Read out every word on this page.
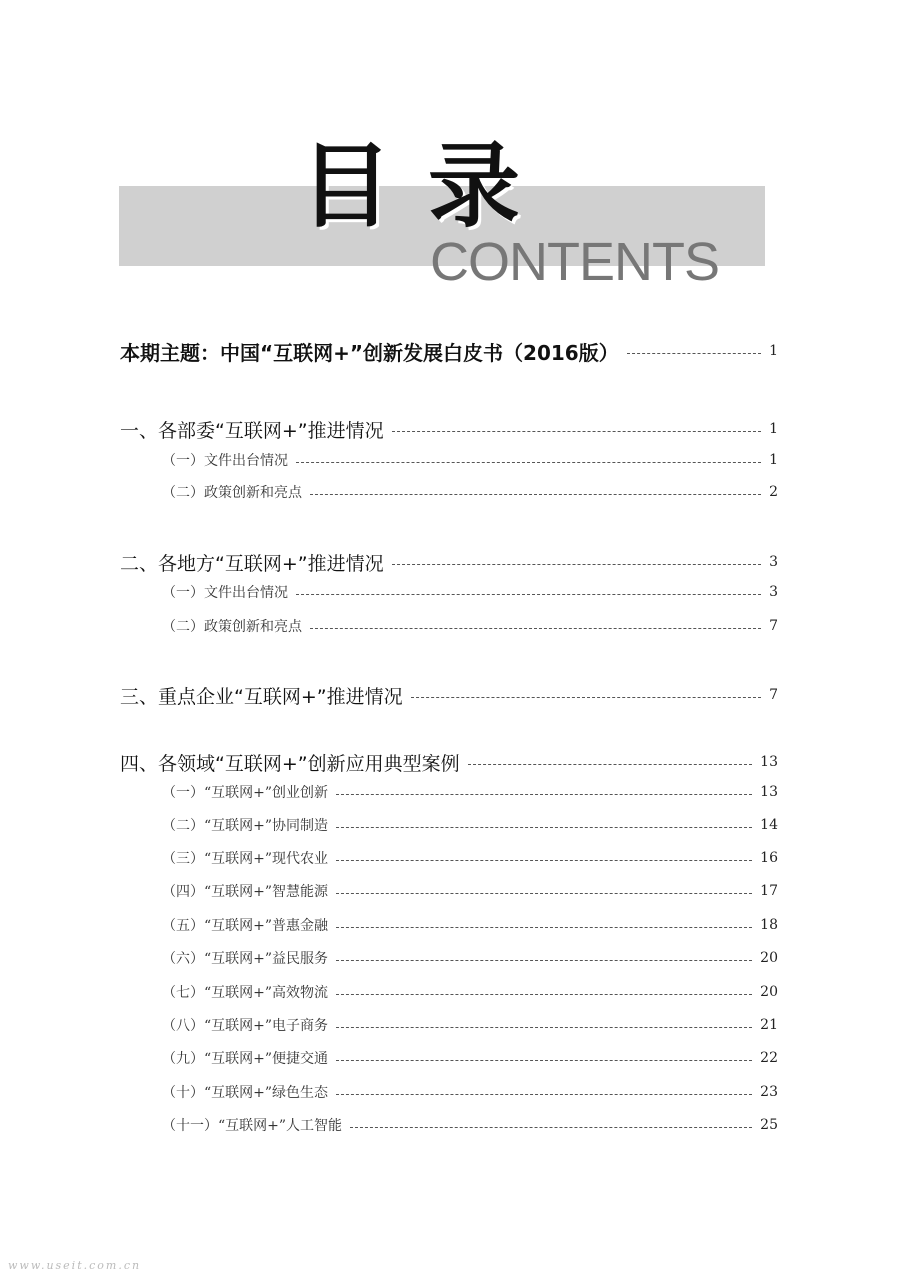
目录
CONTENTS
本期主题：中国“互联网+”创新发展白皮书（2016版）	1
一、各部委“互联网+”推进情况	1
（一）文件出台情况	1
（二）政策创新和亮点	2
二、各地方“互联网+”推进情况	3
（一）文件出台情况	3
（二）政策创新和亮点	7
三、重点企业“互联网+”推进情况	7
四、各领域“互联网+”创新应用典型案例	13
（一）“互联网+”创业创新	13
（二）“互联网+”协同制造	14
（三）“互联网+”现代农业	16
（四）“互联网+”智慧能源	17
（五）“互联网+”普惠金融	18
（六）“互联网+”益民服务	20
（七）“互联网+”高效物流	20
（八）“互联网+”电子商务	21
（九）“互联网+”便捷交通	22
（十）“互联网+”绿色生态	23
（十一）“互联网+”人工智能	25
www.useit.com.cn
